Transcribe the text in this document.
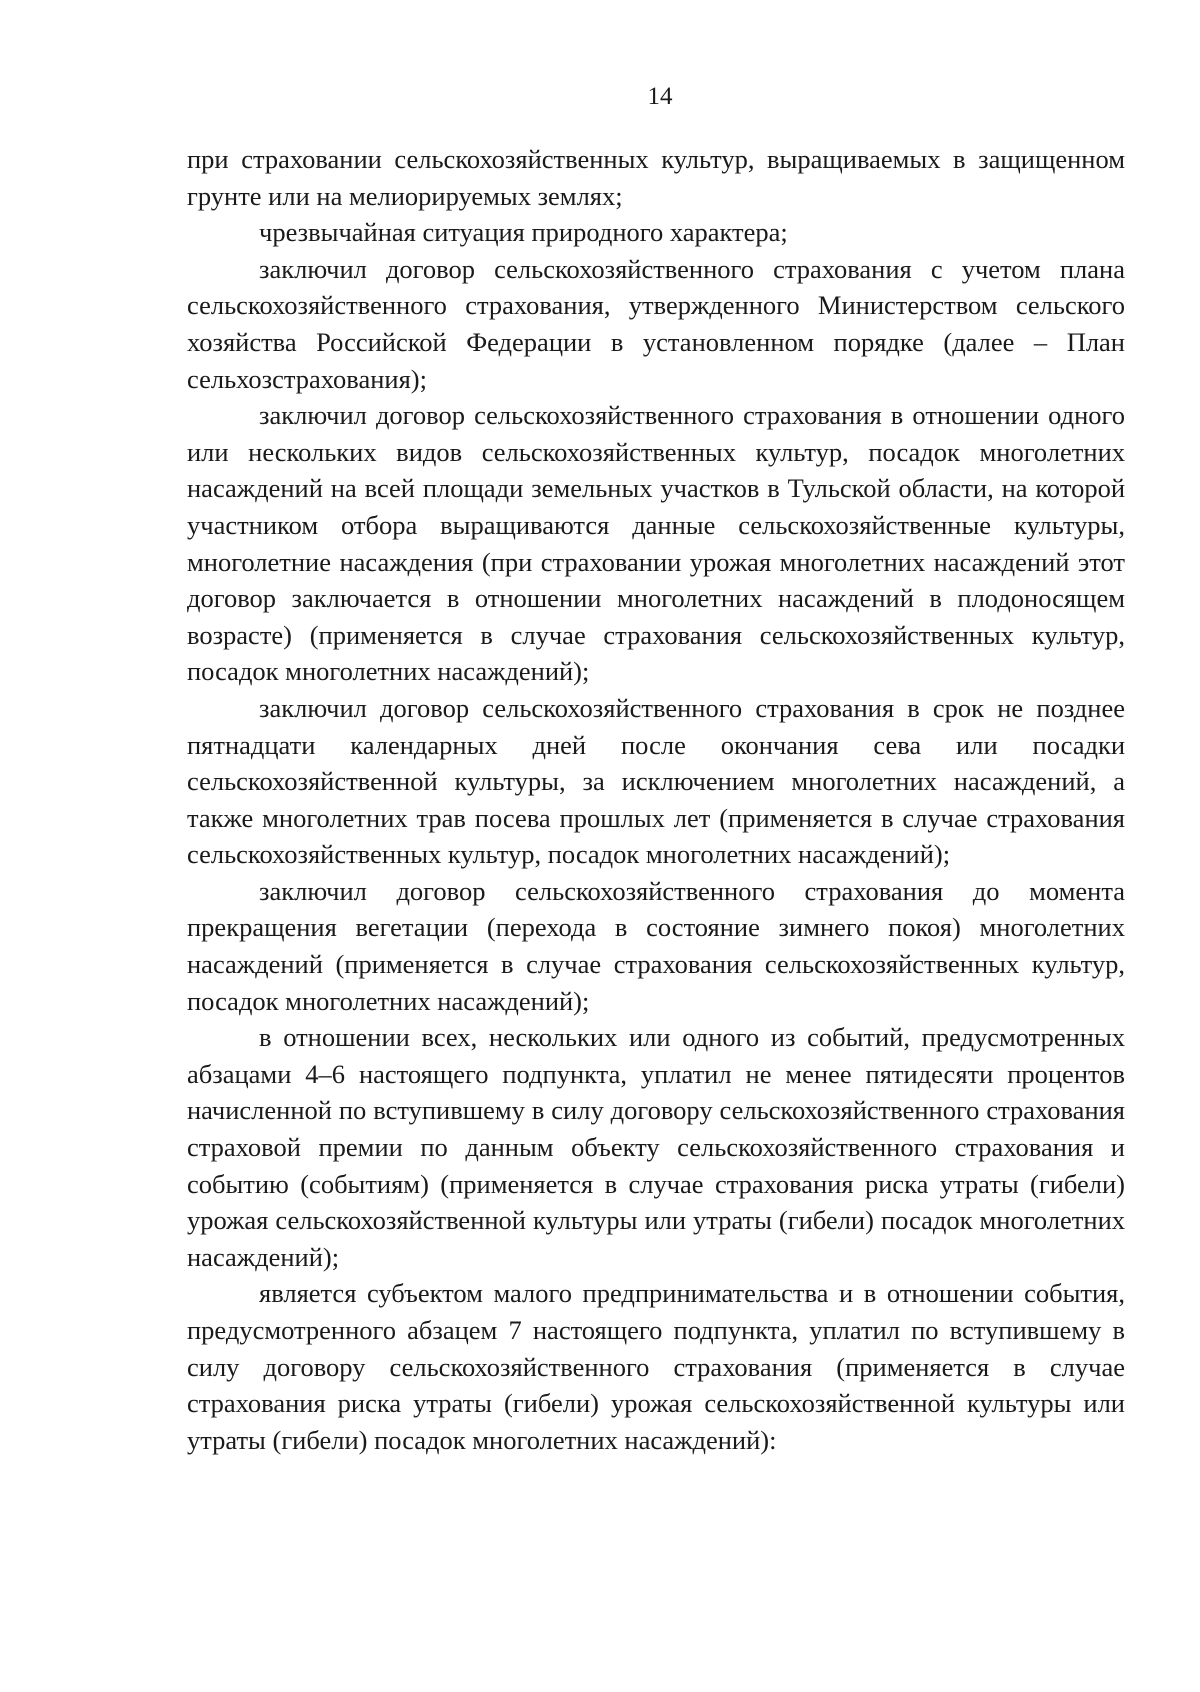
14

при страховании сельскохозяйственных культур, выращиваемых в защищенном грунте или на мелиорируемых землях;

чрезвычайная ситуация природного характера;

заключил договор сельскохозяйственного страхования с учетом плана сельскохозяйственного страхования, утвержденного Министерством сельского хозяйства Российской Федерации в установленном порядке (далее – План сельхозстрахования);

заключил договор сельскохозяйственного страхования в отношении одного или нескольких видов сельскохозяйственных культур, посадок многолетних насаждений на всей площади земельных участков в Тульской области, на которой участником отбора выращиваются данные сельскохозяйственные культуры, многолетние насаждения (при страховании урожая многолетних насаждений этот договор заключается в отношении многолетних насаждений в плодоносящем возрасте) (применяется в случае страхования сельскохозяйственных культур, посадок многолетних насаждений);

заключил договор сельскохозяйственного страхования в срок не позднее пятнадцати календарных дней после окончания сева или посадки сельскохозяйственной культуры, за исключением многолетних насаждений, а также многолетних трав посева прошлых лет (применяется в случае страхования сельскохозяйственных культур, посадок многолетних насаждений);

заключил договор сельскохозяйственного страхования до момента прекращения вегетации (перехода в состояние зимнего покоя) многолетних насаждений (применяется в случае страхования сельскохозяйственных культур, посадок многолетних насаждений);

в отношении всех, нескольких или одного из событий, предусмотренных абзацами 4–6 настоящего подпункта, уплатил не менее пятидесяти процентов начисленной по вступившему в силу договору сельскохозяйственного страхования страховой премии по данным объекту сельскохозяйственного страхования и событию (событиям) (применяется в случае страхования риска утраты (гибели) урожая сельскохозяйственной культуры или утраты (гибели) посадок многолетних насаждений);

является субъектом малого предпринимательства и в отношении события, предусмотренного абзацем 7 настоящего подпункта, уплатил по вступившему в силу договору сельскохозяйственного страхования (применяется в случае страхования риска утраты (гибели) урожая сельскохозяйственной культуры или утраты (гибели) посадок многолетних насаждений):
